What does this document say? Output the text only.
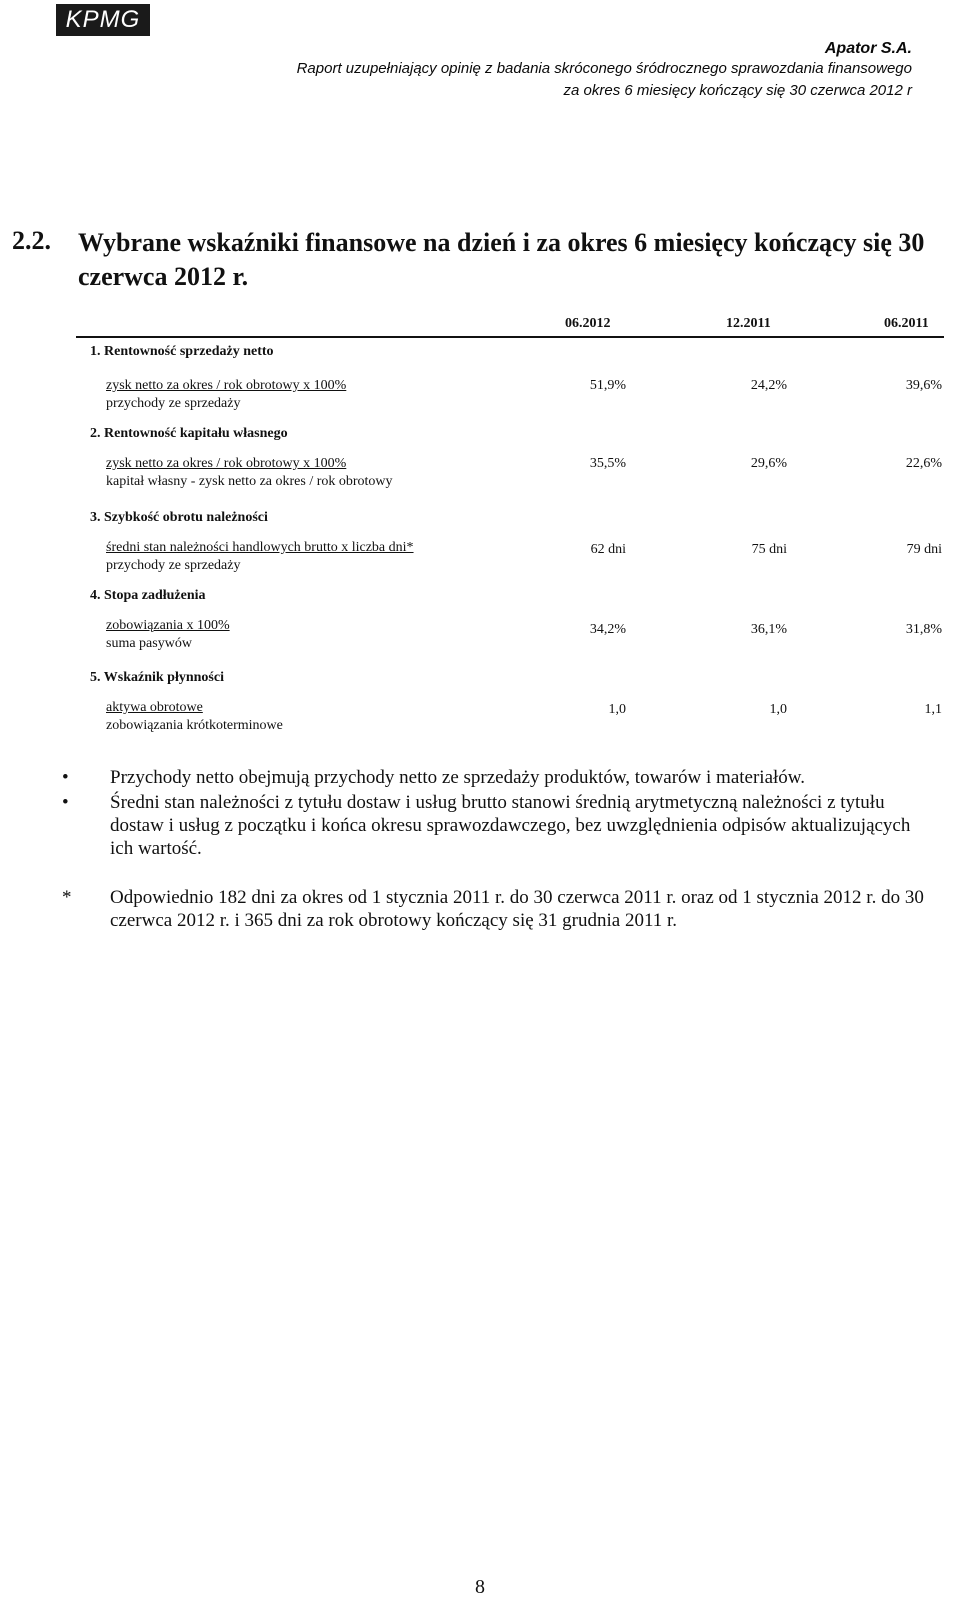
KPMG
Apator S.A.
Raport uzupełniający opinię z badania skróconego śródrocznego sprawozdania finansowego
za okres 6 miesięcy kończący się 30 czerwca 2012 r
2.2. Wybrane wskaźniki finansowe na dzień i za okres 6 miesięcy kończący się 30 czerwca 2012 r.
06.2012	12.2011	06.2011
1. Rentowność sprzedaży netto
zysk netto za okres / rok obrotowy x 100%
przychody ze sprzedaży
51,9%	24,2%	39,6%
2. Rentowność kapitału własnego
zysk netto za okres / rok obrotowy x 100%
kapitał własny - zysk netto za okres / rok obrotowy
35,5%	29,6%	22,6%
3. Szybkość obrotu należności
średni stan należności handlowych brutto x liczba dni*
przychody ze sprzedaży
62 dni	75 dni	79 dni
4. Stopa zadłużenia
zobowiązania x 100%
suma pasywów
34,2%	36,1%	31,8%
5. Wskaźnik płynności
aktywa obrotowe
zobowiązania krótkoterminowe
1,0	1,0	1,1
• Przychody netto obejmują przychody netto ze sprzedaży produktów, towarów i materiałów.
• Średni stan należności z tytułu dostaw i usług brutto stanowi średnią arytmetyczną należności z tytułu dostaw i usług z początku i końca okresu sprawozdawczego, bez uwzględnienia odpisów aktualizujących ich wartość.
* Odpowiednio 182 dni za okres od 1 stycznia 2011 r. do 30 czerwca 2011 r. oraz od 1 stycznia 2012 r. do 30 czerwca 2012 r. i 365 dni za rok obrotowy kończący się 31 grudnia 2011 r.
8
